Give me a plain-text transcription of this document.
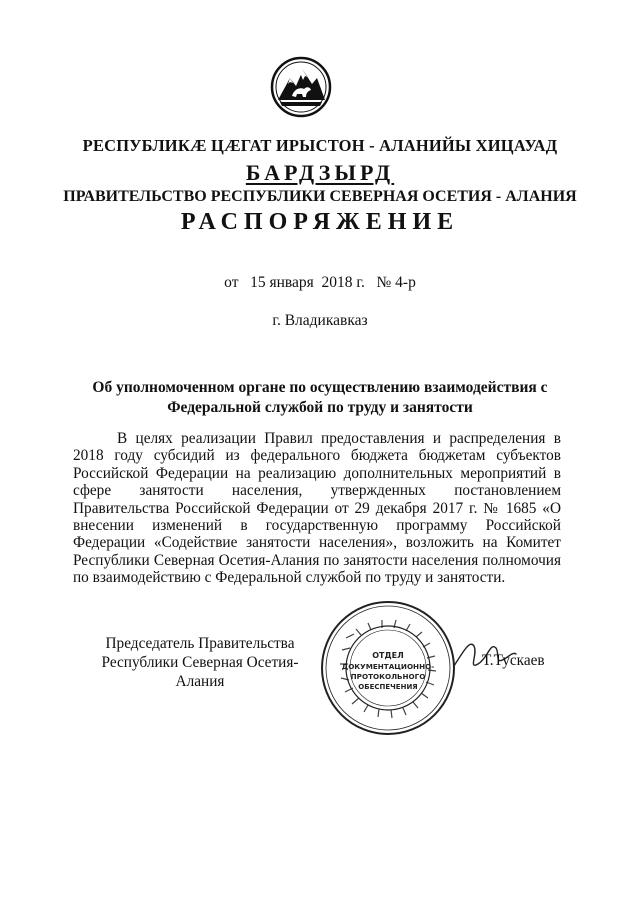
РЕСПУБЛИКӔ ЦӔГАТ ИРЫСТОН - АЛАНИЙЫ ХИЦАУАД
БАРДЗЫРД
ПРАВИТЕЛЬСТВО РЕСПУБЛИКИ СЕВЕРНАЯ ОСЕТИЯ - АЛАНИЯ
РАСПОРЯЖЕНИЕ
от   15 января  2018 г.   № 4-р
г. Владикавказ
Об уполномоченном органе по осуществлению взаимодействия с
Федеральной службой по труду и занятости
В целях реализации Правил предоставления и распределения в 2018 году субсидий из федерального бюджета бюджетам субъектов Российской Федерации на реализацию дополнительных мероприятий в сфере занятости населения, утвержденных постановлением Правительства Российской Федерации от 29 декабря 2017 г. № 1685 «О внесении изменений в государственную программу Российской Федерации «Содействие занятости населения», возложить на Комитет Республики Северная Осетия-Алания по занятости населения полномочия по взаимодействию с Федеральной службой по труду и занятости.
Председатель Правительства
Республики Северная Осетия-Алания
ОТДЕЛ
ДОКУМЕНТАЦИОННО-
ПРОТОКОЛЬНОГО
ОБЕСПЕЧЕНИЯ
Т.Тускаев
